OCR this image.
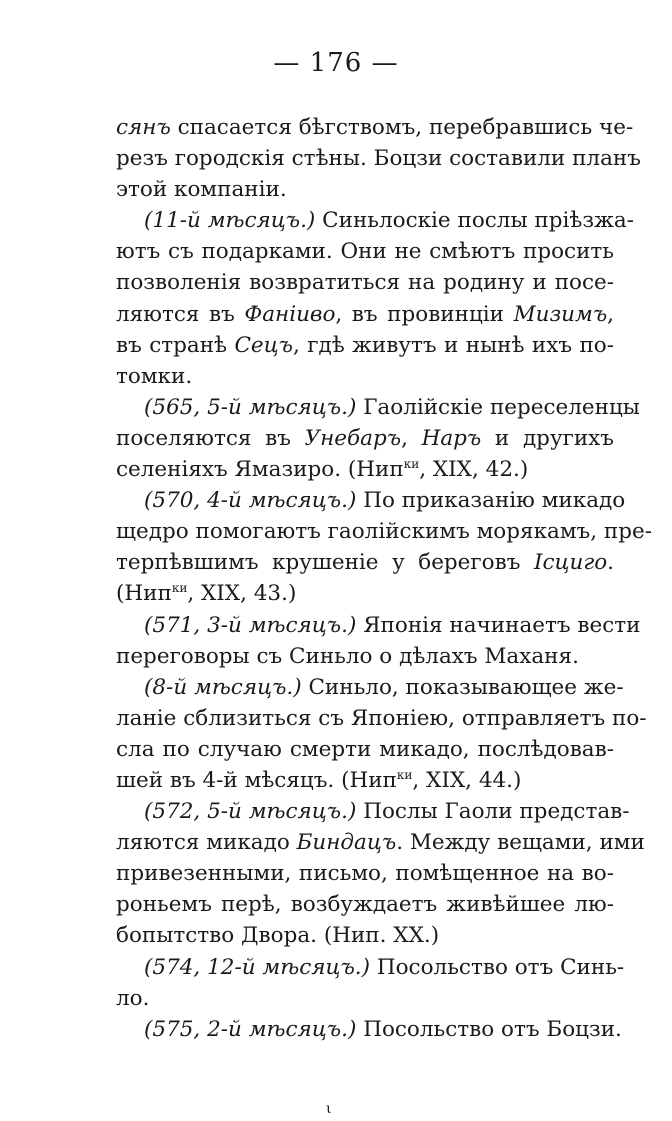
— 176 —
сянъ спасается бѣгствомъ, перебравшись че-
резъ городскія стѣны. Боцзи составили планъ
этой компаніи.
(11-й мѣсяцъ.) Синьлоскіе послы пріѣзжа-
ютъ съ подарками. Они не смѣютъ просить
позволенія возвратиться на родину и посе-
ляются въ Фаніиво, въ провинціи Мизимъ,
въ странѣ Сецъ, гдѣ живутъ и нынѣ ихъ по-
томки.
(565, 5-й мѣсяцъ.) Гаолійскіе переселенцы
поселяются въ Унебаръ, Наръ и другихъ
селеніяхъ Ямазиро. (Нип$^{ки}$, XIX, 42.)
(570, 4-й мѣсяцъ.) По приказанію микадо
щедро помогаютъ гаолійскимъ морякамъ, пре-
терпѣвшимъ крушеніе у береговъ Ісциго.
(Нип$^{ки}$, XIX, 43.)
(571, 3-й мѣсяцъ.) Японія начинаетъ вести
переговоры съ Синьло о дѣлахъ Маханя.
(8-й мѣсяцъ.) Синьло, показывающее же-
ланіе сблизиться съ Японіею, отправляетъ по-
сла по случаю смерти микадо, послѣдовав-
шей въ 4-й мѣсяцъ. (Нип$^{ки}$, XIX, 44.)
(572, 5-й мѣсяцъ.) Послы Гаоли представ-
ляются микадо Биндацъ. Между вещами, ими
привезенными, письмо, помѣщенное на во-
роньемъ перѣ, возбуждаетъ живѣйшее лю-
бопытство Двора. (Нип. XX.)
(574, 12-й мѣсяцъ.) Посольство отъ Синь-
ло.
(575, 2-й мѣсяцъ.) Посольство отъ Боцзи.
ι
